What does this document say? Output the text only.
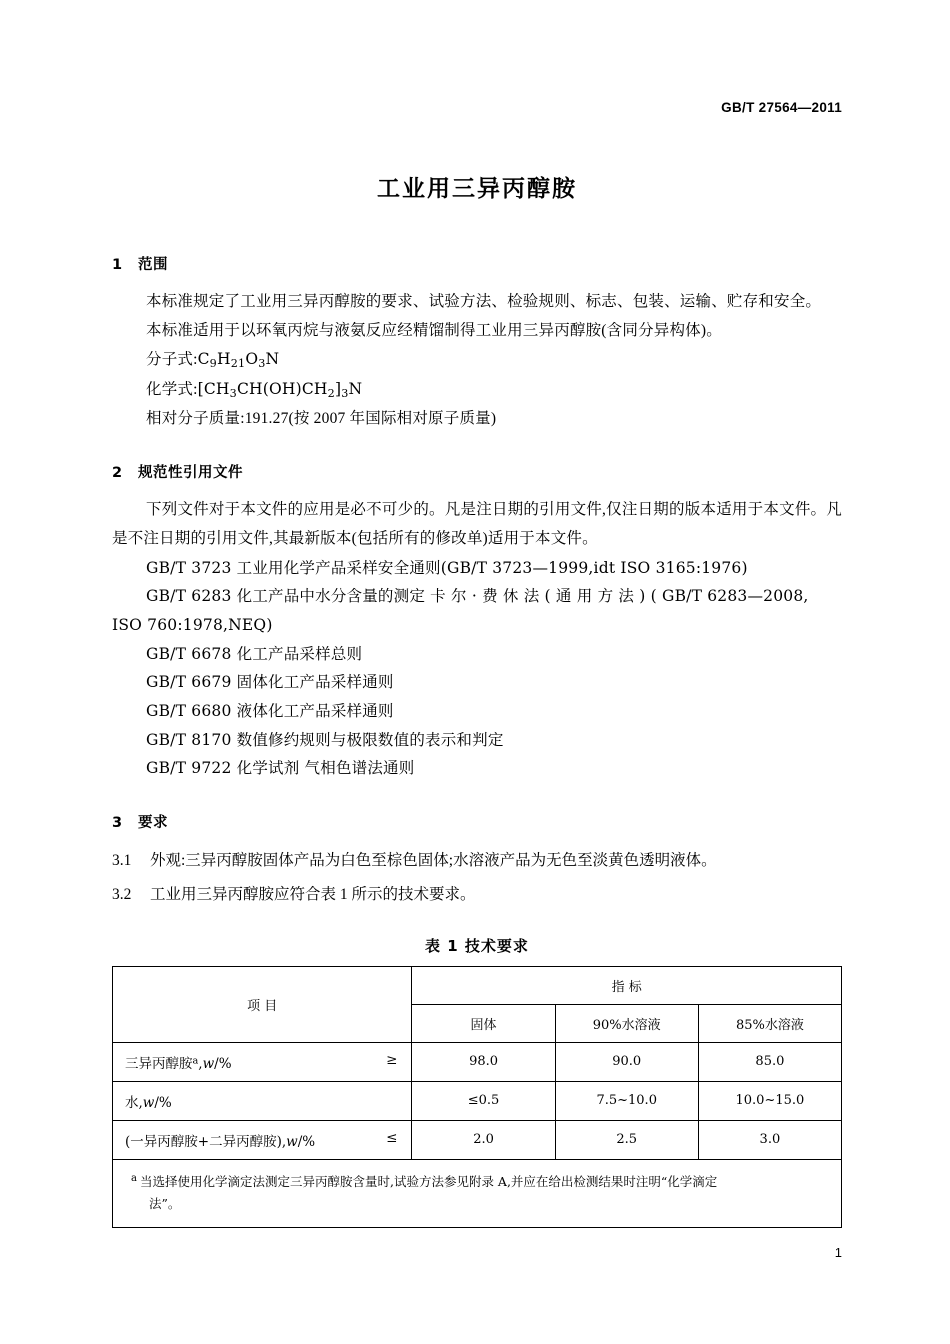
GB/T 27564—2011
工业用三异丙醇胺
1 范围

本标准规定了工业用三异丙醇胺的要求、试验方法、检验规则、标志、包装、运输、贮存和安全。

本标准适用于以环氧丙烷与液氨反应经精馏制得工业用三异丙醇胺(含同分异构体)。

分子式$:C_9H_{21}O_3N$

化学式$:[CH_3CH(OH)CH_2]_3N$

相对分子质量:191.27(按 2007 年国际相对原子质量)

2 规范性引用文件

下列文件对于本文件的应用是必不可少的。凡是注日期的引用文件,仅注日期的版本适用于本文件。凡是不注日期的引用文件,其最新版本(包括所有的修改单)适用于本文件。

GB/T 3723 工业用化学产品采样安全通则(GB/T 3723—1999,idt ISO 3165:1976)

GB/T 6283 化工产品中水分含量的测定 卡 尔 · 费 休 法 ( 通 用 方 法 ) ( GB/T 6283—2008,

ISO 760:1978,NEQ)

GB/T 6678 化工产品采样总则

GB/T 6679 固体化工产品采样通则

GB/T 6680 液体化工产品采样通则

GB/T 8170 数值修约规则与极限数值的表示和判定

GB/T 9722 化学试剂 气相色谱法通则

3 要求

3.1 外观:三异丙醇胺固体产品为白色至棕色固体;水溶液产品为无色至淡黄色透明液体。

3.2 工业用三异丙醇胺应符合表 1 所示的技术要求。

表 1 技术要求
项 目	指 标		
	固体	90%水溶液	85%水溶液
三异丙醇胺$^a$,w/% ≥	98.0	90.0	85.0
水,w/%	≤0.5	7.5~10.0	10.0~15.0
(一异丙醇胺+二异丙醇胺),w/% ≤	2.0	2.5	3.0
$^a$ 当选择使用化学滴定法测定三异丙醇胺含量时,试验方法参见附录 A,并应在给出检测结果时注明“化学滴定
法”。			
1
